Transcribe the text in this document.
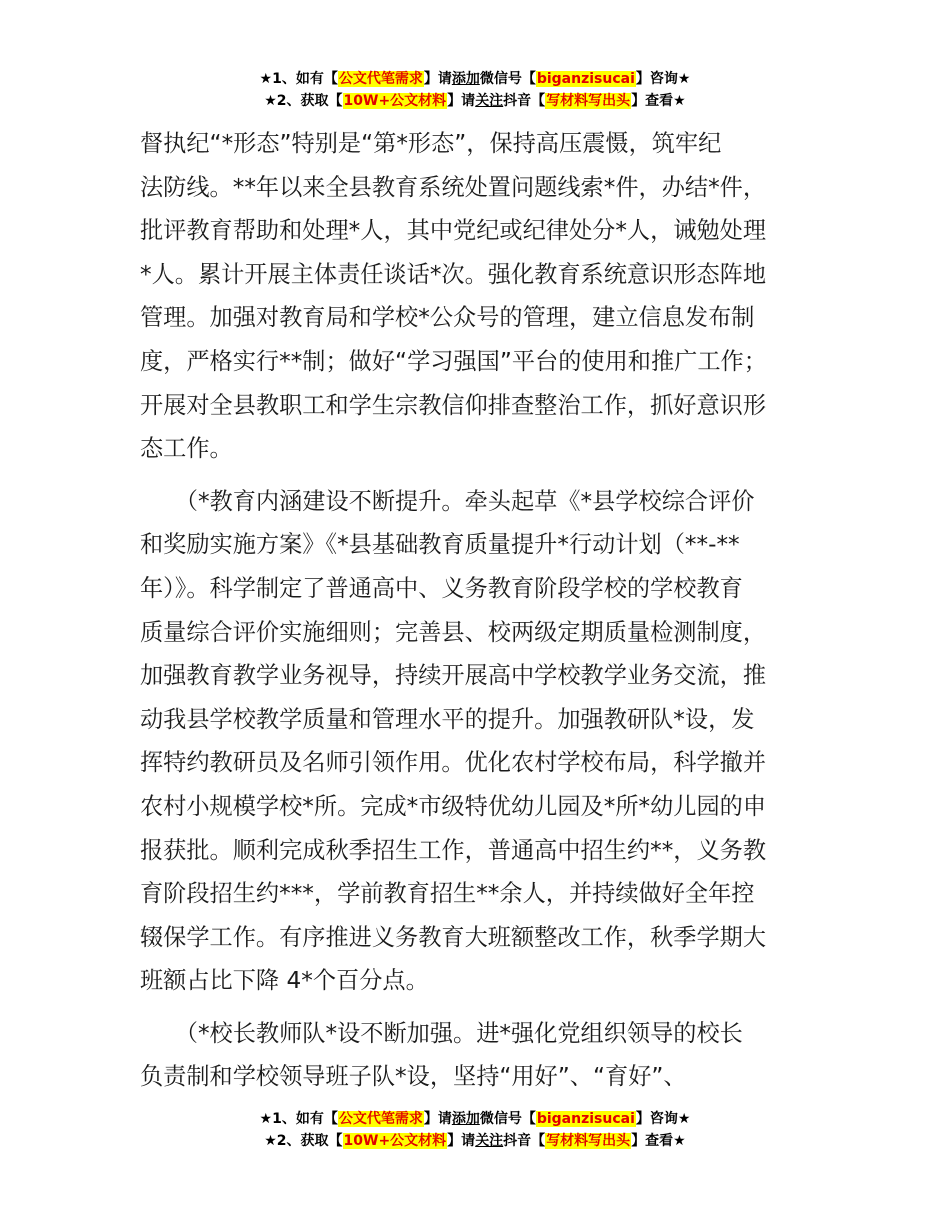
★1、如有【公文代笔需求】请添加微信号【biganzisucai】咨询★
★2、获取【10W+公文材料】请关注抖音【写材料写出头】查看★

督执纪“*形态”特别是“第*形态”，保持高压震慑，筑牢纪
法防线。**年以来全县教育系统处置问题线索*件，办结*件，
批评教育帮助和处理*人，其中党纪或纪律处分*人，诫勉处理
*人。累计开展主体责任谈话*次。强化教育系统意识形态阵地
管理。加强对教育局和学校*公众号的管理，建立信息发布制
度，严格实行**制；做好“学习强国”平台的使用和推广工作；
开展对全县教职工和学生宗教信仰排查整治工作，抓好意识形
态工作。

　　（*教育内涵建设不断提升。牵头起草《*县学校综合评价
和奖励实施方案》《*县基础教育质量提升*行动计划（**-**
年）》。科学制定了普通高中、义务教育阶段学校的学校教育
质量综合评价实施细则；完善县、校两级定期质量检测制度，
加强教育教学业务视导，持续开展高中学校教学业务交流，推
动我县学校教学质量和管理水平的提升。加强教研队*设，发
挥特约教研员及名师引领作用。优化农村学校布局，科学撤并
农村小规模学校*所。完成*市级特优幼儿园及*所*幼儿园的申
报获批。顺利完成秋季招生工作，普通高中招生约**，义务教
育阶段招生约***，学前教育招生**余人，并持续做好全年控
辍保学工作。有序推进义务教育大班额整改工作，秋季学期大
班额占比下降 4*个百分点。

　　（*校长教师队*设不断加强。进*强化党组织领导的校长
负责制和学校领导班子队*设，坚持“用好”、“育好”、

★1、如有【公文代笔需求】请添加微信号【biganzisucai】咨询★
★2、获取【10W+公文材料】请关注抖音【写材料写出头】查看★
